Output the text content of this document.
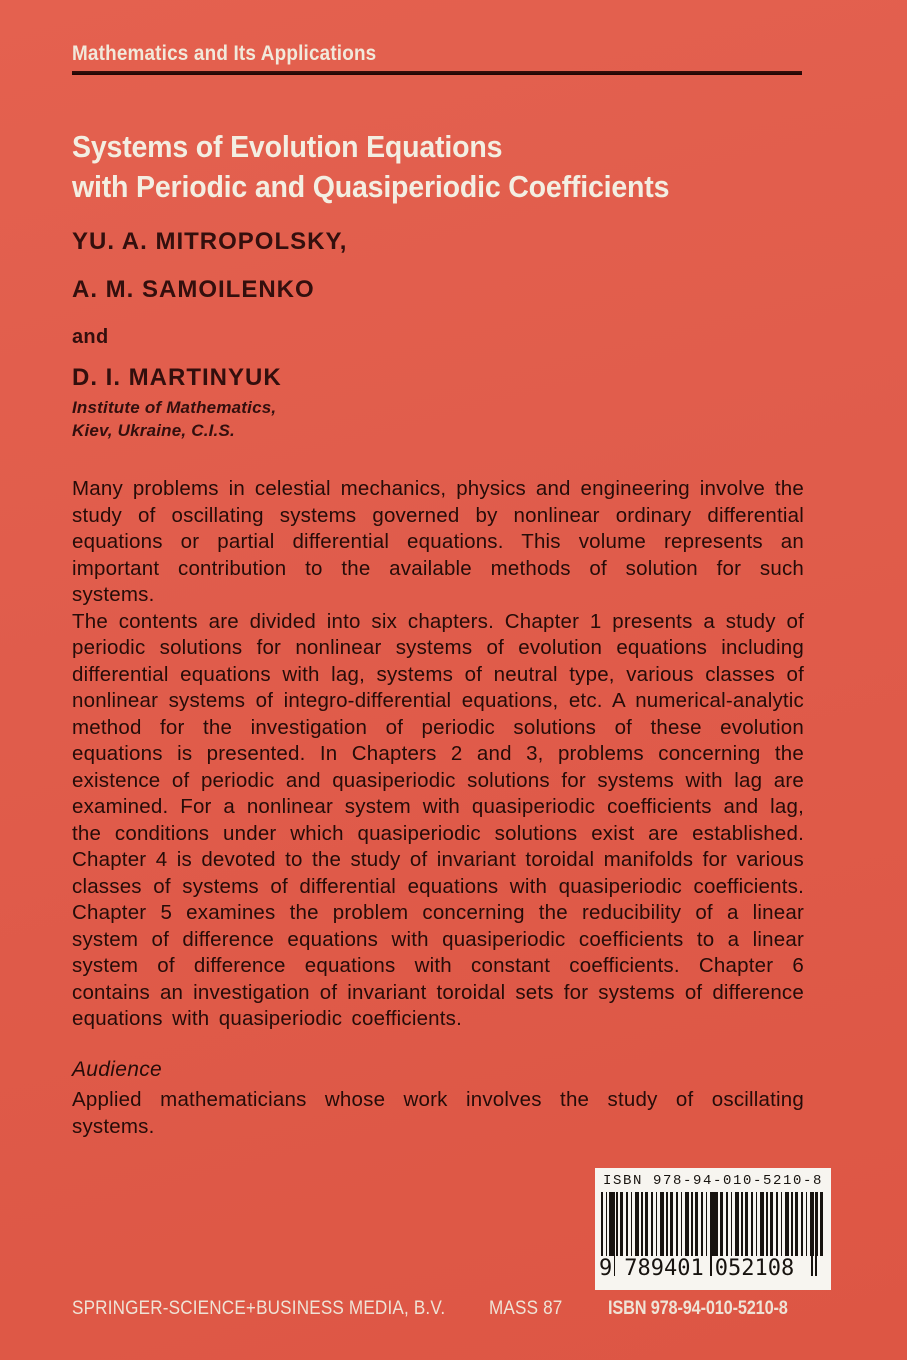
Mathematics and Its Applications
Systems of Evolution Equations
with Periodic and Quasiperiodic Coefficients
YU. A. MITROPOLSKY,
A. M. SAMOILENKO
and
D. I. MARTINYUK
Institute of Mathematics,
Kiev, Ukraine, C.I.S.

Many problems in celestial mechanics, physics and engineering involve the study of oscillating systems governed by nonlinear ordinary differential equations or partial differential equations. This volume represents an important contribution to the available methods of solution for such systems.

The contents are divided into six chapters. Chapter 1 presents a study of periodic solutions for nonlinear systems of evolution equations including differential equations with lag, systems of neutral type, various classes of nonlinear systems of integro-differential equations, etc. A numerical-analytic method for the investigation of periodic solutions of these evolution equations is presented. In Chapters 2 and 3, problems concerning the existence of periodic and quasiperiodic solutions for systems with lag are examined. For a nonlinear system with quasiperiodic coefficients and lag, the conditions under which quasiperiodic solutions exist are established. Chapter 4 is devoted to the study of invariant toroidal manifolds for various classes of systems of differential equations with quasiperiodic coefficients. Chapter 5 examines the problem concerning the reducibility of a linear system of difference equations with quasiperiodic coefficients to a linear system of difference equations with constant coefficients. Chapter 6 contains an investigation of invariant toroidal sets for systems of difference equations with quasiperiodic coefficients.

Audience
Applied mathematicians whose work involves the study of oscillating systems.
ISBN 978-94-010-5210-8
9 789401 052108
SPRINGER-SCIENCE+BUSINESS MEDIA, B.V. MASS 87 ISBN 978-94-010-5210-8
